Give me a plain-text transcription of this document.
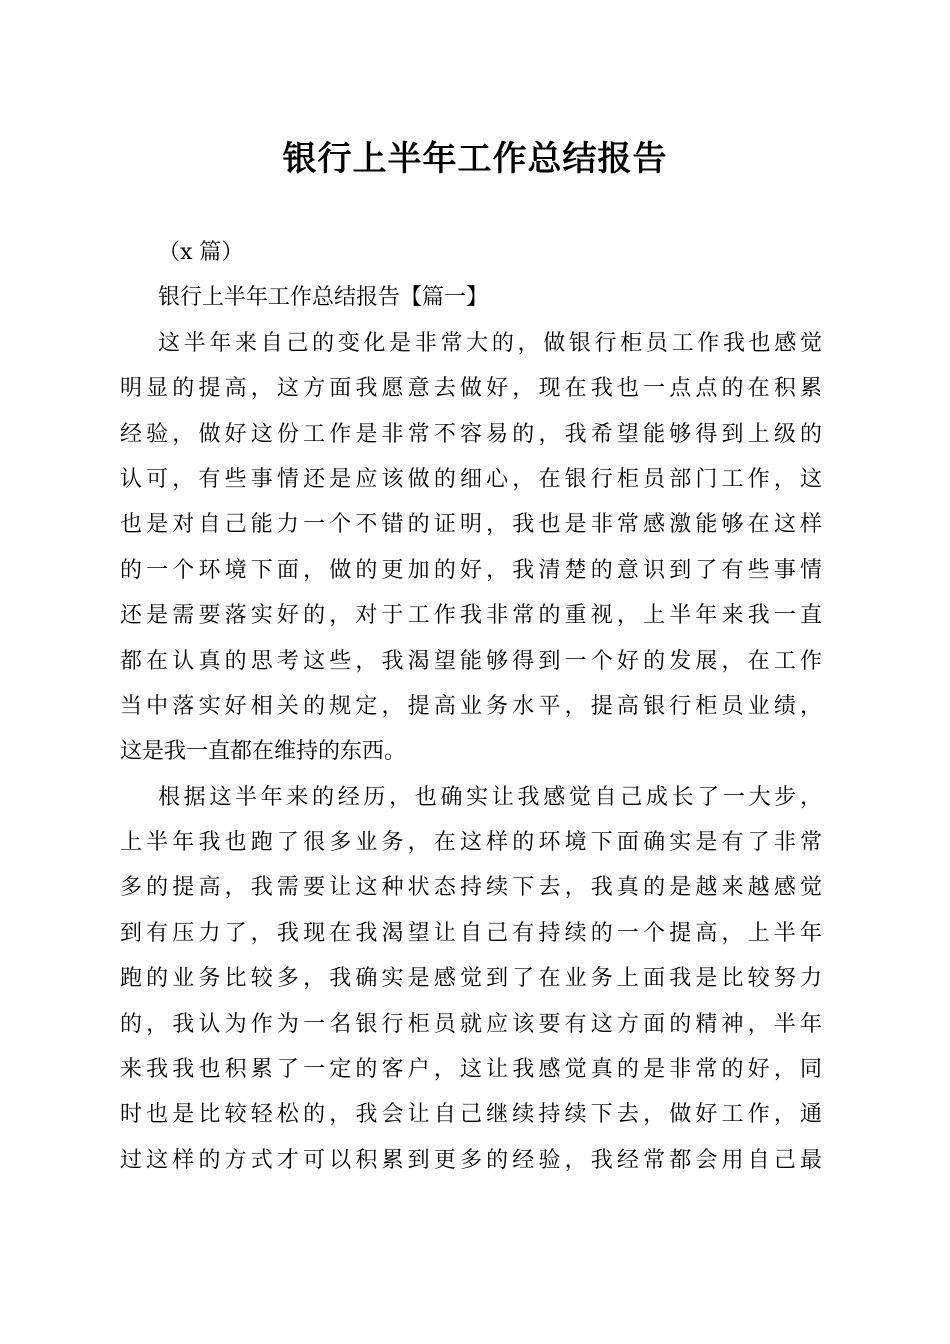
银行上半年工作总结报告
（x 篇）
银行上半年工作总结报告【篇一】
这半年来自己的变化是非常大的，做银行柜员工作我也感觉
明显的提高，这方面我愿意去做好，现在我也一点点的在积累
经验，做好这份工作是非常不容易的，我希望能够得到上级的
认可，有些事情还是应该做的细心，在银行柜员部门工作，这
也是对自己能力一个不错的证明，我也是非常感激能够在这样
的一个环境下面，做的更加的好，我清楚的意识到了有些事情
还是需要落实好的，对于工作我非常的重视，上半年来我一直
都在认真的思考这些，我渴望能够得到一个好的发展，在工作
当中落实好相关的规定，提高业务水平，提高银行柜员业绩，
这是我一直都在维持的东西。
根据这半年来的经历，也确实让我感觉自己成长了一大步，
上半年我也跑了很多业务，在这样的环境下面确实是有了非常
多的提高，我需要让这种状态持续下去，我真的是越来越感觉
到有压力了，我现在我渴望让自己有持续的一个提高，上半年
跑的业务比较多，我确实是感觉到了在业务上面我是比较努力
的，我认为作为一名银行柜员就应该要有这方面的精神，半年
来我我也积累了一定的客户，这让我感觉真的是非常的好，同
时也是比较轻松的，我会让自己继续持续下去，做好工作，通
过这样的方式才可以积累到更多的经验，我经常都会用自己最
